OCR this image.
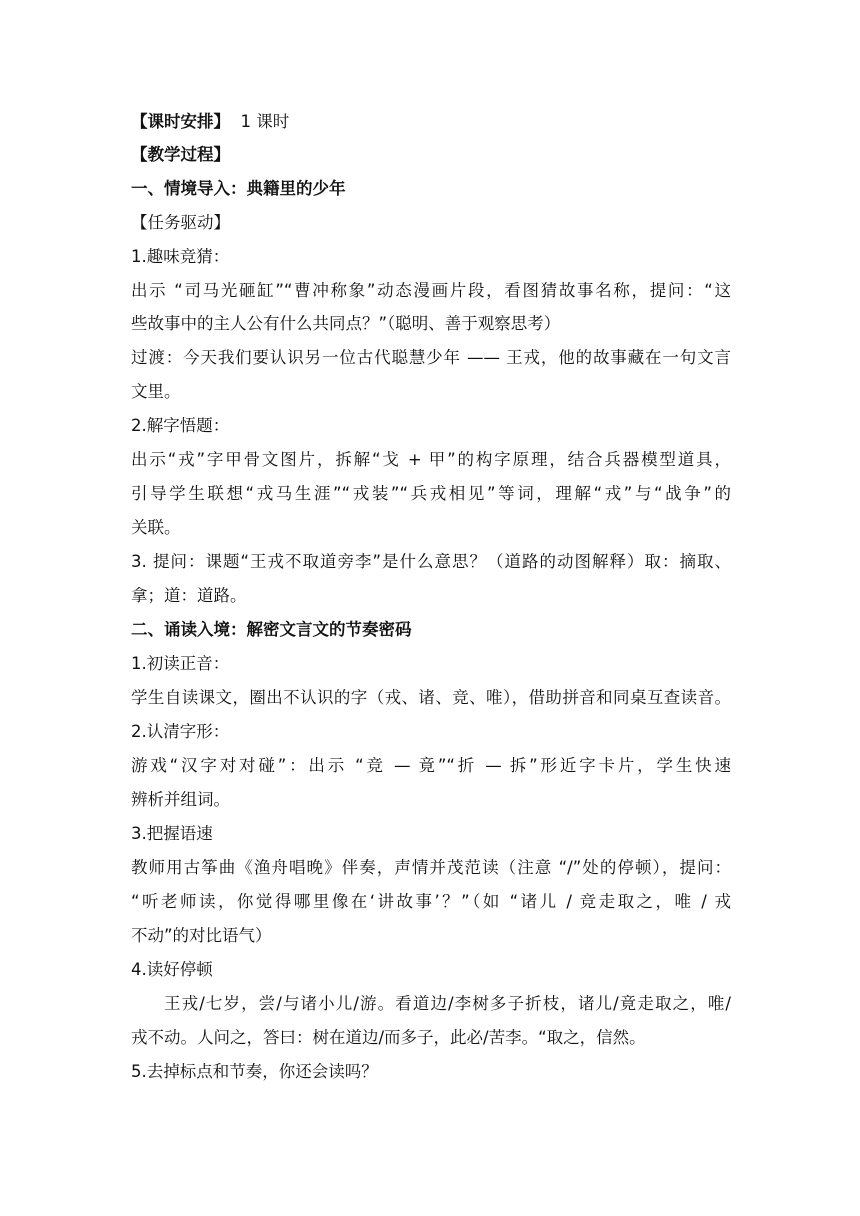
【课时安排】  1 课时
【教学过程】
一、情境导入：典籍里的少年
【任务驱动】
1.趣味竞猜：
出示 “司马光砸缸”“曹冲称象”动态漫画片段，看图猜故事名称，提问：“这
些故事中的主人公有什么共同点？”（聪明、善于观察思考）
过渡：今天我们要认识另一位古代聪慧少年 —— 王戎，他的故事藏在一句文言
文里。
2.解字悟题：
出示“戎”字甲骨文图片，拆解“戈 + 甲”的构字原理，结合兵器模型道具，
引导学生联想“戎马生涯”“戎装”“兵戎相见”等词，理解“戎”与“战争”的
关联。
3. 提问：课题“王戎不取道旁李”是什么意思？（道路的动图解释）取：摘取、
拿；道：道路。
二、诵读入境：解密文言文的节奏密码
1.初读正音：
学生自读课文，圈出不认识的字（戎、诸、竞、唯），借助拼音和同桌互查读音。
2.认清字形：
游戏“汉字对对碰”：出示 “竞 — 竟”“折 — 拆”形近字卡片，学生快速
辨析并组词。
3.把握语速
教师用古筝曲《渔舟唱晚》伴奏，声情并茂范读（注意 “/”处的停顿），提问：
“听老师读，你觉得哪里像在‘讲故事’？”（如 “诸儿 / 竞走取之，唯 / 戎
不动”的对比语气）
4.读好停顿
王戎/七岁，尝/与诸小儿/游。看道边/李树多子折枝，诸儿/竟走取之，唯/
戎不动。人问之，答曰：树在道边/而多子，此必/苦李。“取之，信然。
5.去掉标点和节奏，你还会读吗？
